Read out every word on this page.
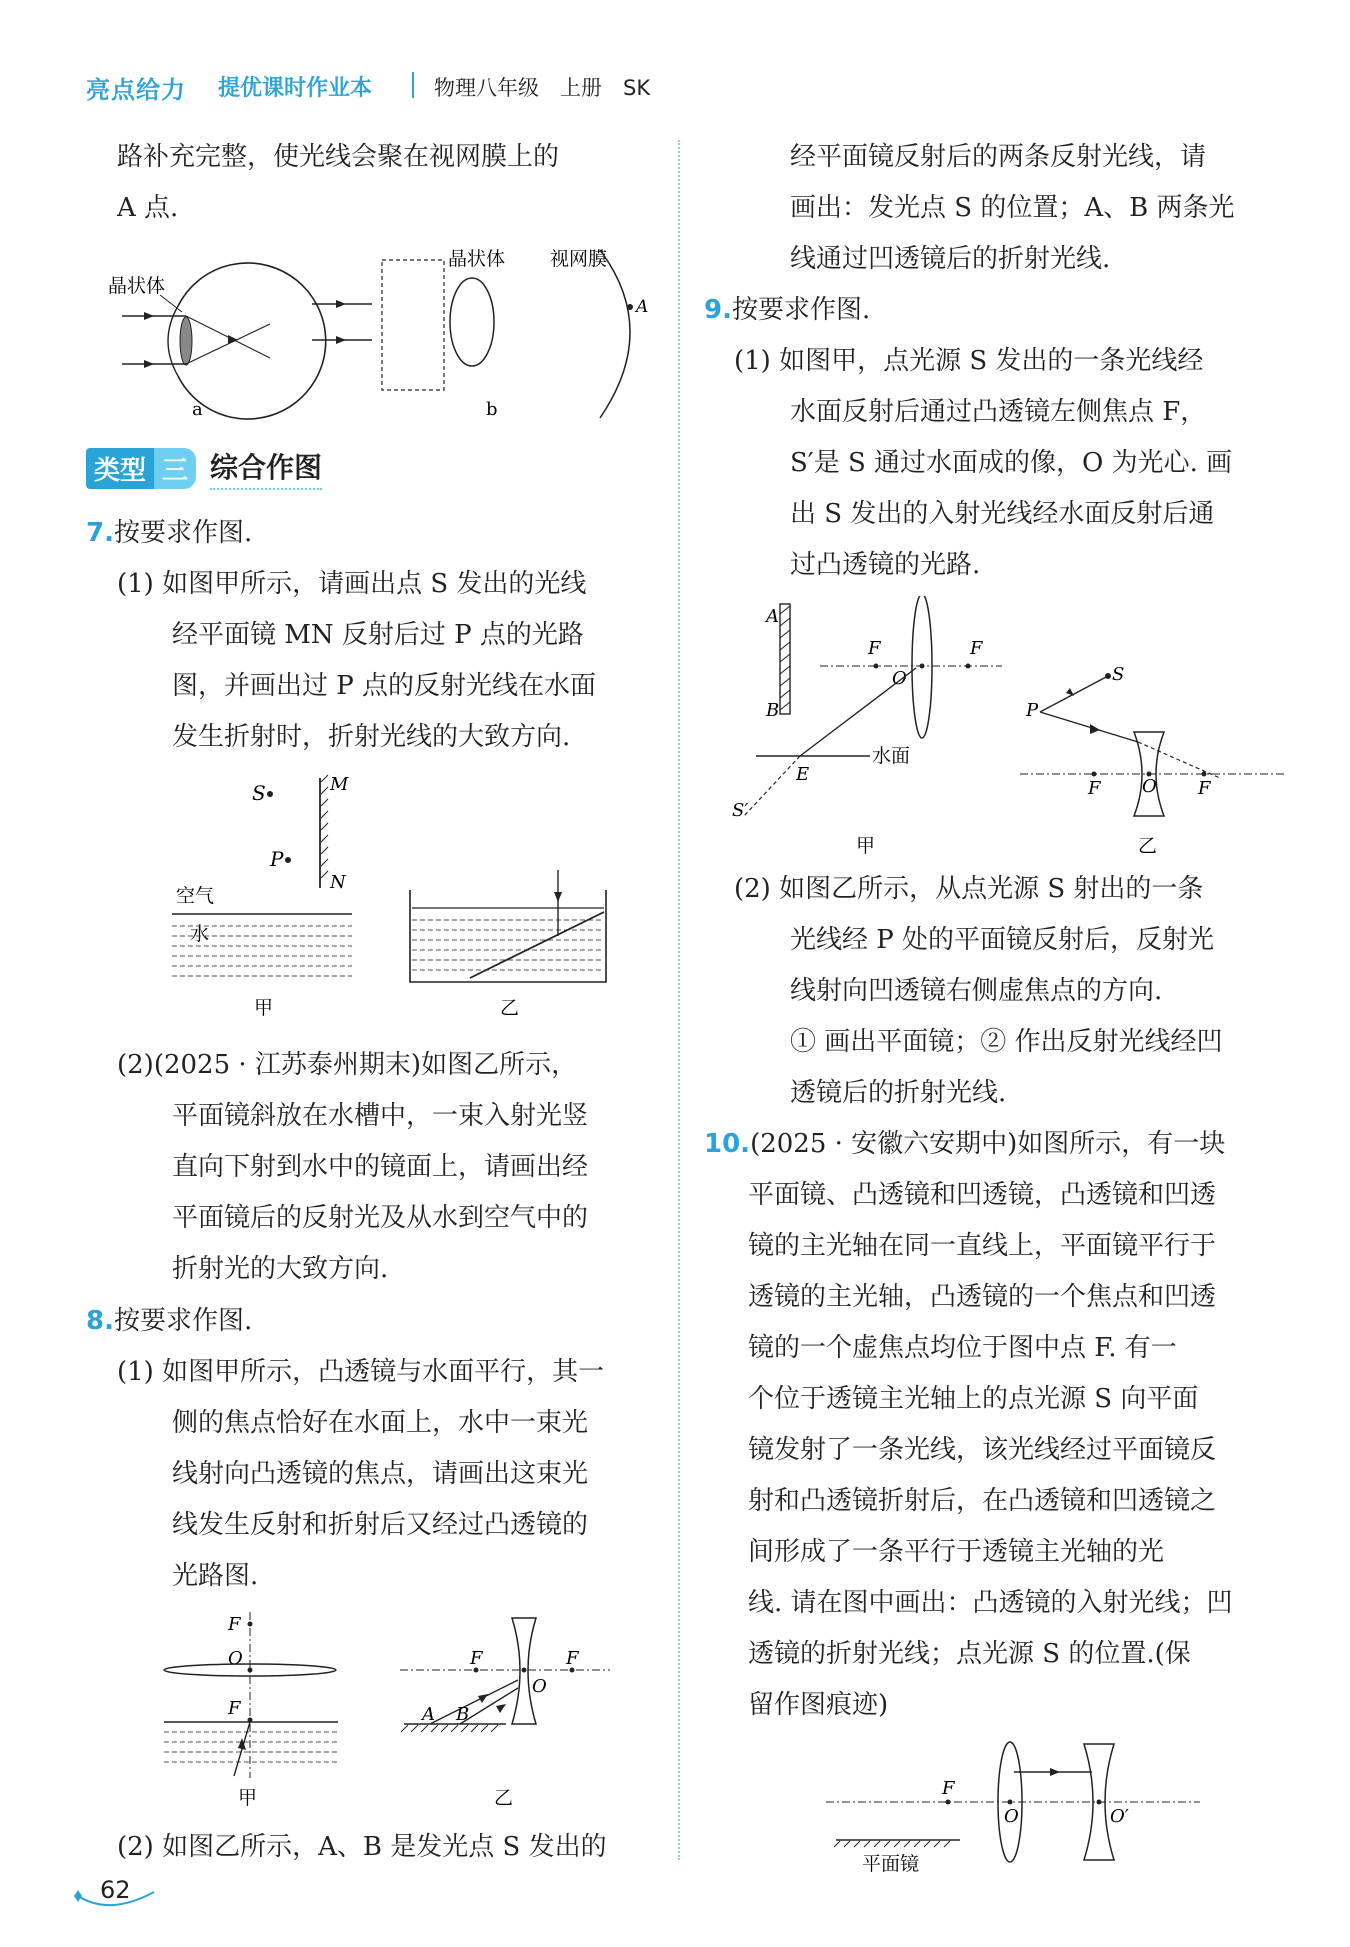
亮点给力 提优课时作业本	物理八年级　上册　SK
路补充完整，使光线会聚在视网膜上的
A 点.
晶状体
a
晶状体 视网膜
A
b
类型 三 综合作图
7.按要求作图.
(1) 如图甲所示，请画出点 S 发出的光线
经平面镜 MN 反射后过 P 点的光路
图，并画出过 P 点的反射光线在水面
发生折射时，折射光线的大致方向.
S
P
M
N
空气
水
甲	乙
(2)(2025 · 江苏泰州期末)如图乙所示，
平面镜斜放在水槽中，一束入射光竖
直向下射到水中的镜面上，请画出经
平面镜后的反射光及从水到空气中的
折射光的大致方向.
8.按要求作图.
(1) 如图甲所示，凸透镜与水面平行，其一
侧的焦点恰好在水面上，水中一束光
线射向凸透镜的焦点，请画出这束光
线发生反射和折射后又经过凸透镜的
光路图.
F
O
F
甲
O
F	F
A B
乙
(2) 如图乙所示，A、B 是发光点 S 发出的
62
经平面镜反射后的两条反射光线，请
画出：发光点 S 的位置；A、B 两条光
线通过凹透镜后的折射光线.
9.按要求作图.
(1) 如图甲，点光源 S 发出的一条光线经
水面反射后通过凸透镜左侧焦点 F，
S′是 S 通过水面成的像，O 为光心. 画
出 S 发出的入射光线经水面反射后通
过凸透镜的光路.
A
B
O
F	F
水面
E
S′
甲
S
P
O
F	F
乙
(2) 如图乙所示，从点光源 S 射出的一条
光线经 P 处的平面镜反射后，反射光
线射向凹透镜右侧虚焦点的方向.
① 画出平面镜；② 作出反射光线经凹
透镜后的折射光线.
10.(2025 · 安徽六安期中)如图所示，有一块
平面镜、凸透镜和凹透镜，凸透镜和凹透
镜的主光轴在同一直线上，平面镜平行于
透镜的主光轴，凸透镜的一个焦点和凹透
镜的一个虚焦点均位于图中点 F. 有一
个位于透镜主光轴上的点光源 S 向平面
镜发射了一条光线，该光线经过平面镜反
射和凸透镜折射后，在凸透镜和凹透镜之
间形成了一条平行于透镜主光轴的光
线. 请在图中画出：凸透镜的入射光线；凹
透镜的折射光线；点光源 S 的位置.(保
留作图痕迹)
F
O	O′
平面镜
